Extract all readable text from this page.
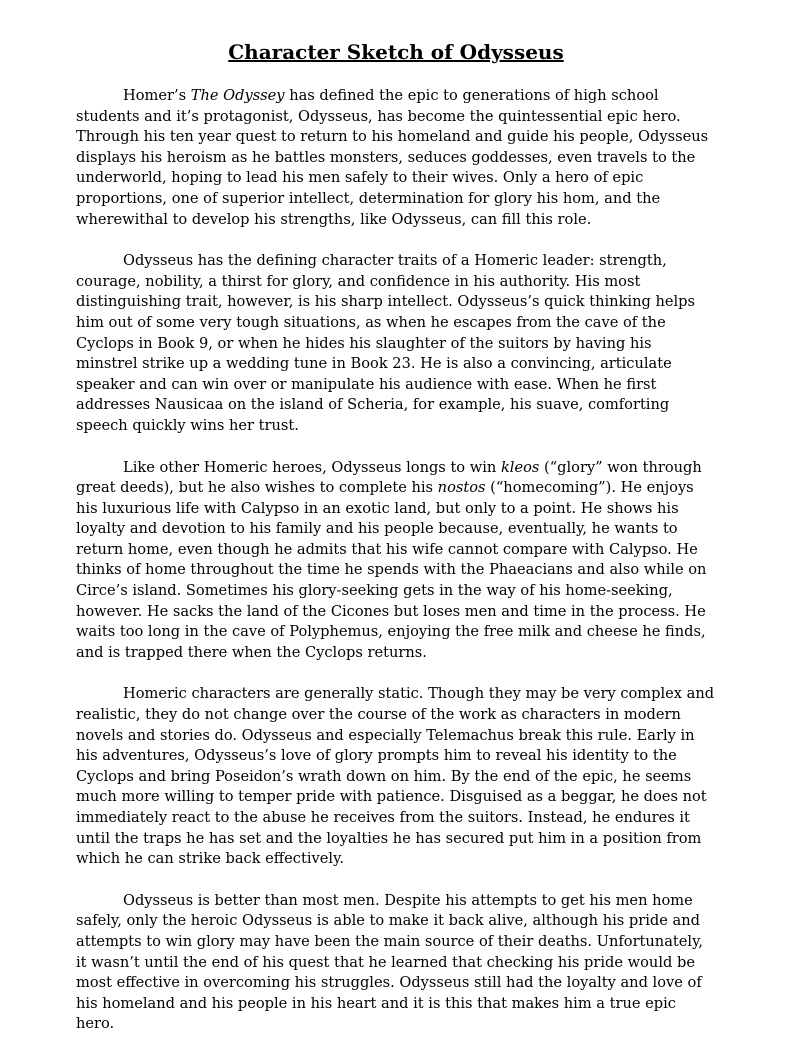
Character Sketch of Odysseus

Homer’s The Odyssey has defined the epic to generations of high school students and it’s protagonist, Odysseus, has become the quintessential epic hero. Through his ten year quest to return to his homeland and guide his people, Odysseus displays his heroism as he battles monsters, seduces goddesses, even travels to the underworld, hoping to lead his men safely to their wives. Only a hero of epic proportions, one of superior intellect, determination for glory his hom, and the wherewithal to develop his strengths, like Odysseus, can fill this role.

Odysseus has the defining character traits of a Homeric leader: strength, courage, nobility, a thirst for glory, and confidence in his authority. His most distinguishing trait, however, is his sharp intellect. Odysseus’s quick thinking helps him out of some very tough situations, as when he escapes from the cave of the Cyclops in Book 9, or when he hides his slaughter of the suitors by having his minstrel strike up a wedding tune in Book 23. He is also a convincing, articulate speaker and can win over or manipulate his audience with ease. When he first addresses Nausicaa on the island of Scheria, for example, his suave, comforting speech quickly wins her trust.

Like other Homeric heroes, Odysseus longs to win kleos (“glory” won through great deeds), but he also wishes to complete his nostos (“homecoming”). He enjoys his luxurious life with Calypso in an exotic land, but only to a point. He shows his loyalty and devotion to his family and his people because, eventually, he wants to return home, even though he admits that his wife cannot compare with Calypso. He thinks of home throughout the time he spends with the Phaeacians and also while on Circe’s island. Sometimes his glory-seeking gets in the way of his home-seeking, however. He sacks the land of the Cicones but loses men and time in the process. He waits too long in the cave of Polyphemus, enjoying the free milk and cheese he finds, and is trapped there when the Cyclops returns.

Homeric characters are generally static. Though they may be very complex and realistic, they do not change over the course of the work as characters in modern novels and stories do. Odysseus and especially Telemachus break this rule. Early in his adventures, Odysseus’s love of glory prompts him to reveal his identity to the Cyclops and bring Poseidon’s wrath down on him. By the end of the epic, he seems much more willing to temper pride with patience. Disguised as a beggar, he does not immediately react to the abuse he receives from the suitors. Instead, he endures it until the traps he has set and the loyalties he has secured put him in a position from which he can strike back effectively.

Odysseus is better than most men. Despite his attempts to get his men home safely, only the heroic Odysseus is able to make it back alive, although his pride and attempts to win glory may have been the main source of their deaths. Unfortunately, it wasn’t until the end of his quest that he learned that checking his pride would be most effective in overcoming his struggles. Odysseus still had the loyalty and love of his homeland and his people in his heart and it is this that makes him a true epic hero.
